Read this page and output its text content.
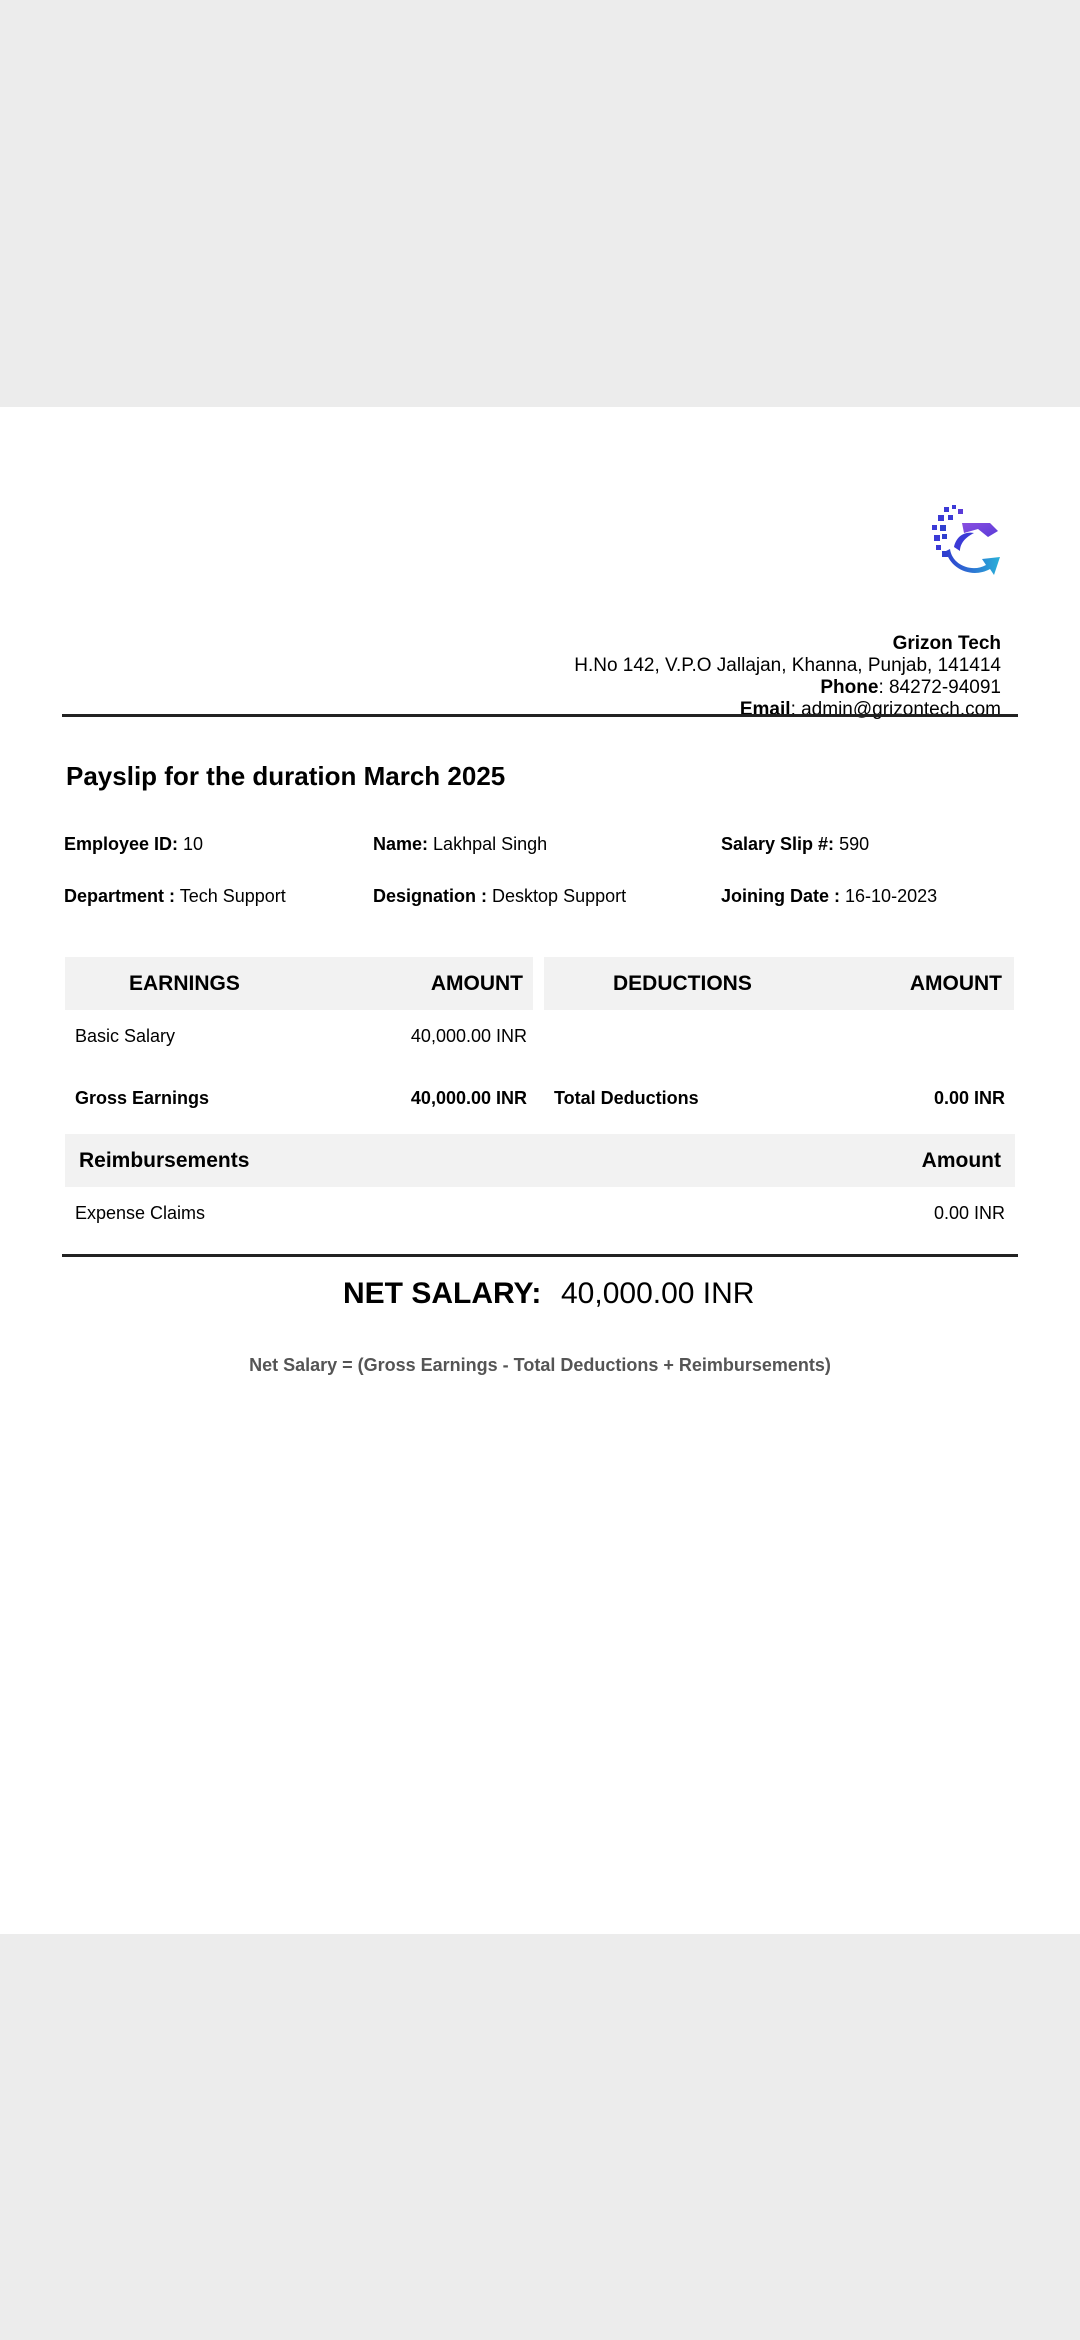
Grizon Tech
H.No 142, V.P.O Jallajan, Khanna, Punjab, 141414
Phone: 84272-94091
Email: admin@grizontech.com
Payslip for the duration March 2025
Employee ID: 10	Name: Lakhpal Singh	Salary Slip #: 590
Department : Tech Support	Designation : Desktop Support	Joining Date : 16-10-2023
EARNINGS	AMOUNT	DEDUCTIONS	AMOUNT
Basic Salary	40,000.00 INR
Gross Earnings	40,000.00 INR Total Deductions	0.00 INR
Reimbursements	Amount
Expense Claims	0.00 INR
NET SALARY: 40,000.00 INR
Net Salary = (Gross Earnings - Total Deductions + Reimbursements)
